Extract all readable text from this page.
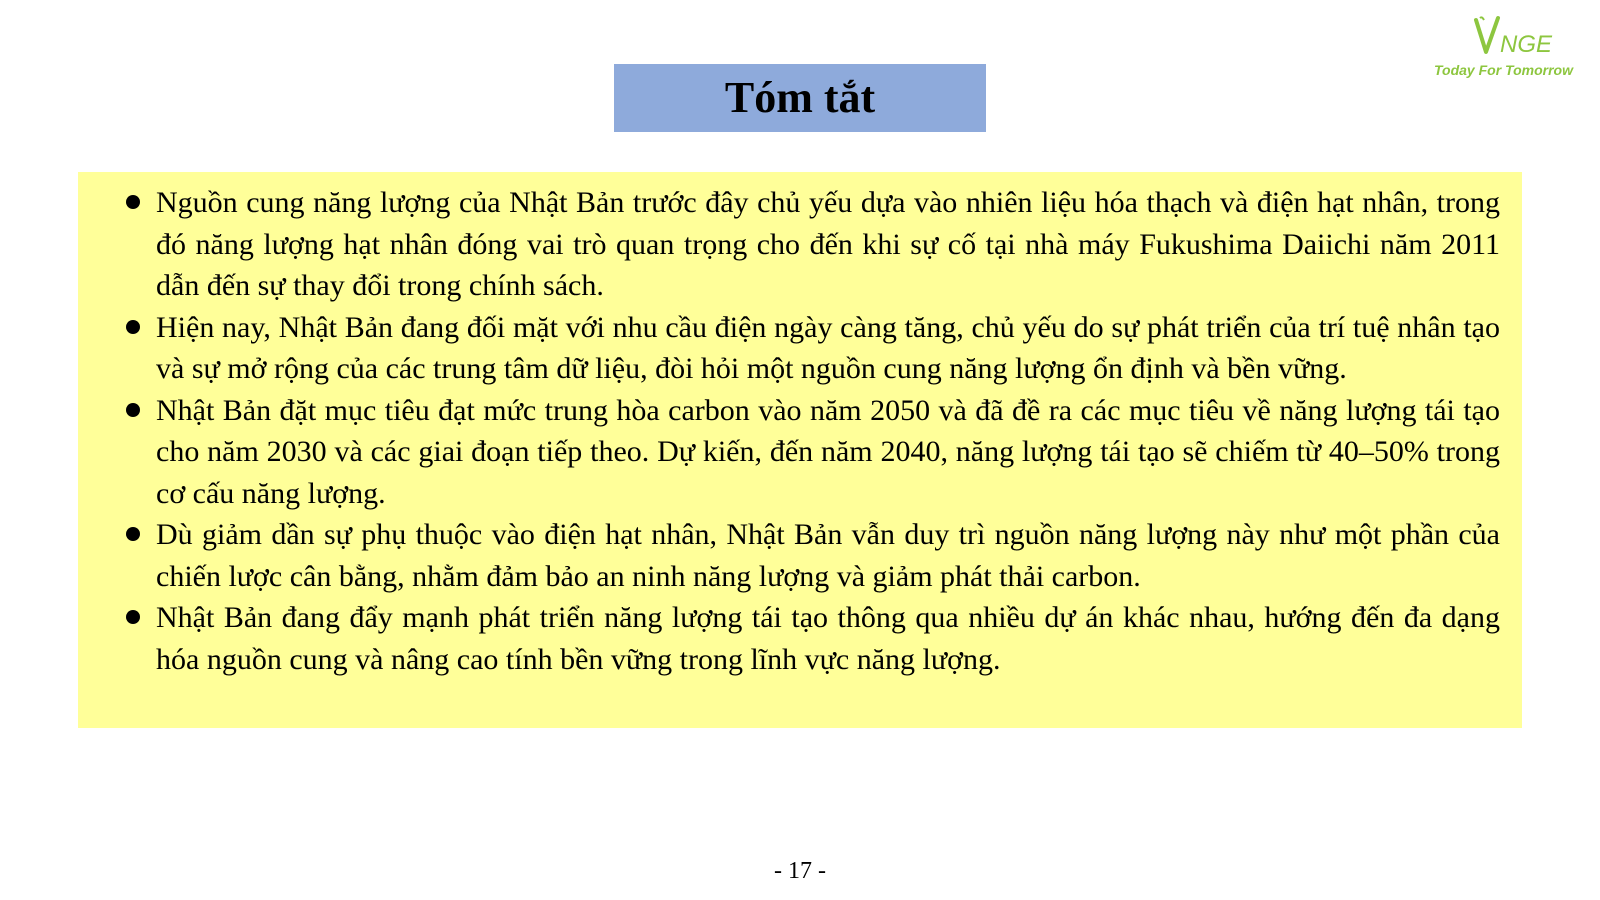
NGE
Today For Tomorrow
Tóm tắt
Nguồn cung năng lượng của Nhật Bản trước đây chủ yếu dựa vào nhiên liệu hóa thạch và điện hạt nhân, trong đó năng lượng hạt nhân đóng vai trò quan trọng cho đến khi sự cố tại nhà máy Fukushima Daiichi năm 2011 dẫn đến sự thay đổi trong chính sách.
Hiện nay, Nhật Bản đang đối mặt với nhu cầu điện ngày càng tăng, chủ yếu do sự phát triển của trí tuệ nhân tạo và sự mở rộng của các trung tâm dữ liệu, đòi hỏi một nguồn cung năng lượng ổn định và bền vững.
Nhật Bản đặt mục tiêu đạt mức trung hòa carbon vào năm 2050 và đã đề ra các mục tiêu về năng lượng tái tạo cho năm 2030 và các giai đoạn tiếp theo. Dự kiến, đến năm 2040, năng lượng tái tạo sẽ chiếm từ 40–50% trong cơ cấu năng lượng.
Dù giảm dần sự phụ thuộc vào điện hạt nhân, Nhật Bản vẫn duy trì nguồn năng lượng này như một phần của chiến lược cân bằng, nhằm đảm bảo an ninh năng lượng và giảm phát thải carbon.
Nhật Bản đang đẩy mạnh phát triển năng lượng tái tạo thông qua nhiều dự án khác nhau, hướng đến đa dạng hóa nguồn cung và nâng cao tính bền vững trong lĩnh vực năng lượng.
- 17 -
